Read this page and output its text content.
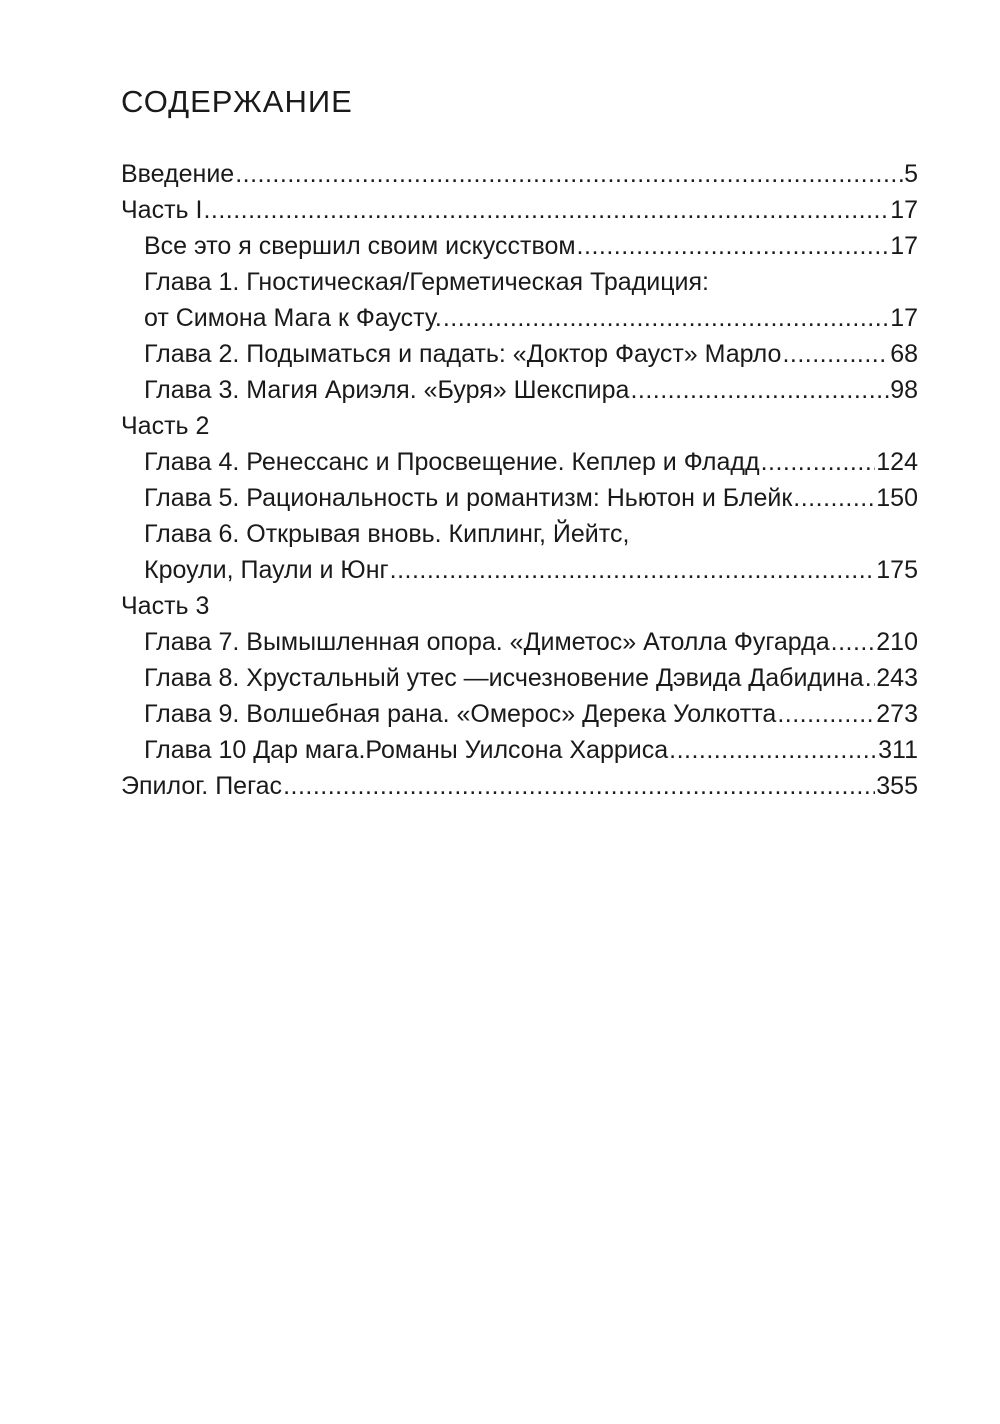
СОДЕРЖАНИЕ
Введение .....	5
Часть I .....	17
Все это я свершил своим искусством .....	17
Глава 1. Гностическая/Герметическая Традиция:
от Симона Мага к Фаусту. .....	17
Глава 2. Подыматься и падать: «Доктор Фауст» Марло .....	68
Глава 3. Магия Ариэля. «Буря» Шекспира .....	98
Часть 2
Глава 4. Ренессанс и Просвещение. Кеплер и Фладд .....	124
Глава 5. Рациональность и романтизм: Ньютон и Блейк .....	150
Глава 6. Открывая вновь. Киплинг, Йейтс,
Кроули, Паули и Юнг .....	175
Часть 3
Глава 7. Вымышленная опора. «Диметос» Атолла Фугарда ..... 210
Глава 8. Хрустальный утес —исчезновение Дэвида Дабидина ..... 243
Глава 9. Волшебная рана. «Омерос» Дерека Уолкотта .....	273
Глава 10 Дар мага.Романы Уилсона Харриса .....	311
Эпилог. Пегас .....	355
